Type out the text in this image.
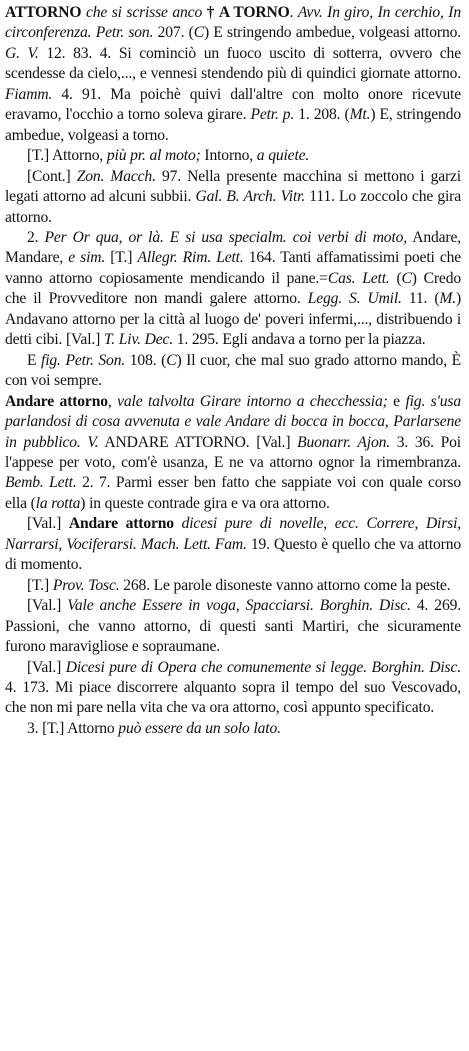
ATTORNO che si scrisse anco † A TORNO. Avv. In giro, In cerchio, In circonferenza. Petr. son. 207. (C) E stringendo ambedue, volgeasi attorno. G. V. 12. 83. 4. Si cominciò un fuoco uscito di sotterra, ovvero che scendesse da cielo,..., e vennesi stendendo più di quindici giornate attorno. Fiamm. 4. 91. Ma poichè quivi dall'altre con molto onore ricevute eravamo, l'occhio a torno soleva girare. Petr. p. 1. 208. (Mt.) E, stringendo ambedue, volgeasi a torno.

[T.] Attorno, più pr. al moto; Intorno, a quiete.

[Cont.] Zon. Macch. 97. Nella presente macchina si mettono i garzi legati attorno ad alcuni subbii. Gal. B. Arch. Vitr. 111. Lo zoccolo che gira attorno.

2. Per Or qua, or là. E si usa specialm. coi verbi di moto, Andare, Mandare, e sim. [T.] Allegr. Rim. Lett. 164. Tanti affamatissimi poeti che vanno attorno copiosamente mendicando il pane.=Cas. Lett. (C) Credo che il Provveditore non mandi galere attorno. Legg. S. Umil. 11. (M.) Andavano attorno per la città al luogo de' poveri infermi,..., distribuendo i detti cibi. [Val.] T. Liv. Dec. 1. 295. Egli andava a torno per la piazza.

E fig. Petr. Son. 108. (C) Il cuor, che mal suo grado attorno mando, È con voi sempre.

Andare attorno, vale talvolta Girare intorno a checchessia; e fig. s'usa parlandosi di cosa avvenuta e vale Andare di bocca in bocca, Parlarsene in pubblico. V. ANDARE ATTORNO. [Val.] Buonarr. Ajon. 3. 36. Poi l'appese per voto, com'è usanza, E ne va attorno ognor la rimembranza. Bemb. Lett. 2. 7. Parmi esser ben fatto che sappiate voi con quale corso ella (la rotta) in queste contrade gira e va ora attorno.

[Val.] Andare attorno dicesi pure di novelle, ecc. Correre, Dirsi, Narrarsi, Vociferarsi. Mach. Lett. Fam. 19. Questo è quello che va attorno di momento.

[T.] Prov. Tosc. 268. Le parole disoneste vanno attorno come la peste.

[Val.] Vale anche Essere in voga, Spacciarsi. Borghin. Disc. 4. 269. Passioni, che vanno attorno, di questi santi Martiri, che sicuramente furono maravigliose e sopraumane.

[Val.] Dicesi pure di Opera che comunemente si legge. Borghin. Disc. 4. 173. Mi piace discorrere alquanto sopra il tempo del suo Vescovado, che non mi pare nella vita che va ora attorno, così appunto specificato.

3. [T.] Attorno può essere da un solo lato.
